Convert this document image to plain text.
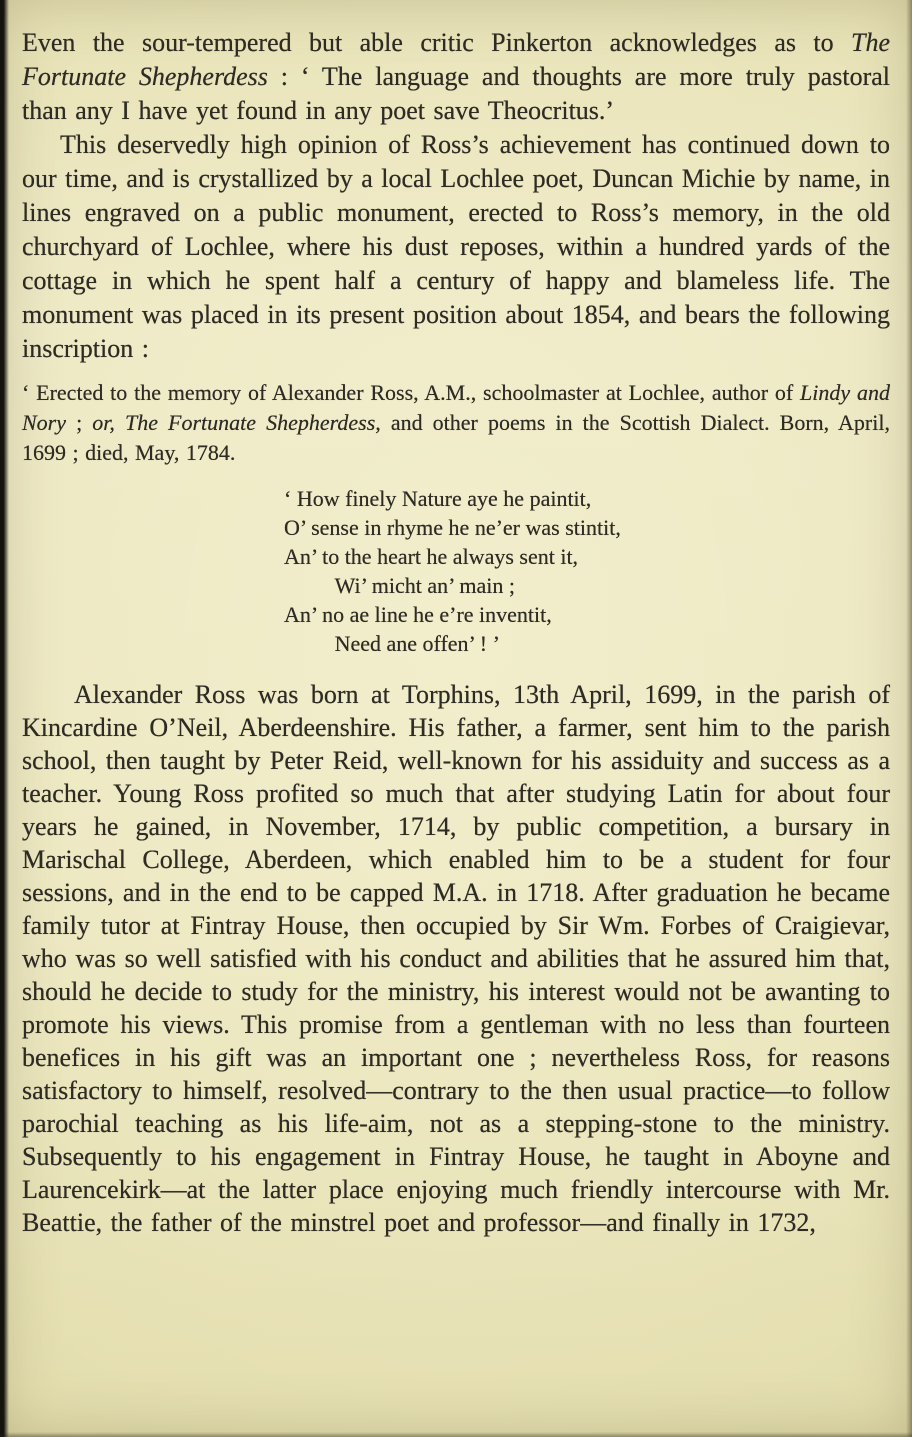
Even the sour-tempered but able critic Pinkerton acknowledges as to The Fortunate Shepherdess : ‘ The language and thoughts are more truly pastoral than any I have yet found in any poet save Theocritus.’

This deservedly high opinion of Ross’s achievement has continued down to our time, and is crystallized by a local Lochlee poet, Duncan Michie by name, in lines engraved on a public monument, erected to Ross’s memory, in the old churchyard of Lochlee, where his dust reposes, within a hundred yards of the cottage in which he spent half a century of happy and blameless life. The monument was placed in its present position about 1854, and bears the following inscription :

‘ Erected to the memory of Alexander Ross, A.M., schoolmaster at Lochlee, author of Lindy and Nory ; or, The Fortunate Shepherdess, and other poems in the Scottish Dialect. Born, April, 1699 ; died, May, 1784.

‘ How finely Nature aye he paintit,
O’ sense in rhyme he ne’er was stintit,
An’ to the heart he always sent it,
Wi’ micht an’ main ;
An’ no ae line he e’re inventit,
Need ane offen’ ! ’

Alexander Ross was born at Torphins, 13th April, 1699, in the parish of Kincardine O’Neil, Aberdeenshire. His father, a farmer, sent him to the parish school, then taught by Peter Reid, well-known for his assiduity and success as a teacher. Young Ross profited so much that after studying Latin for about four years he gained, in November, 1714, by public competition, a bursary in Marischal College, Aberdeen, which enabled him to be a student for four sessions, and in the end to be capped M.A. in 1718. After graduation he became family tutor at Fintray House, then occupied by Sir Wm. Forbes of Craigievar, who was so well satisfied with his conduct and abilities that he assured him that, should he decide to study for the ministry, his interest would not be awanting to promote his views. This promise from a gentleman with no less than fourteen benefices in his gift was an important one ; nevertheless Ross, for reasons satisfactory to himself, resolved—contrary to the then usual practice—to follow parochial teaching as his life-aim, not as a stepping-stone to the ministry. Subsequently to his engagement in Fintray House, he taught in Aboyne and Laurencekirk—at the latter place enjoying much friendly intercourse with Mr. Beattie, the father of the minstrel poet and professor—and finally in 1732,
